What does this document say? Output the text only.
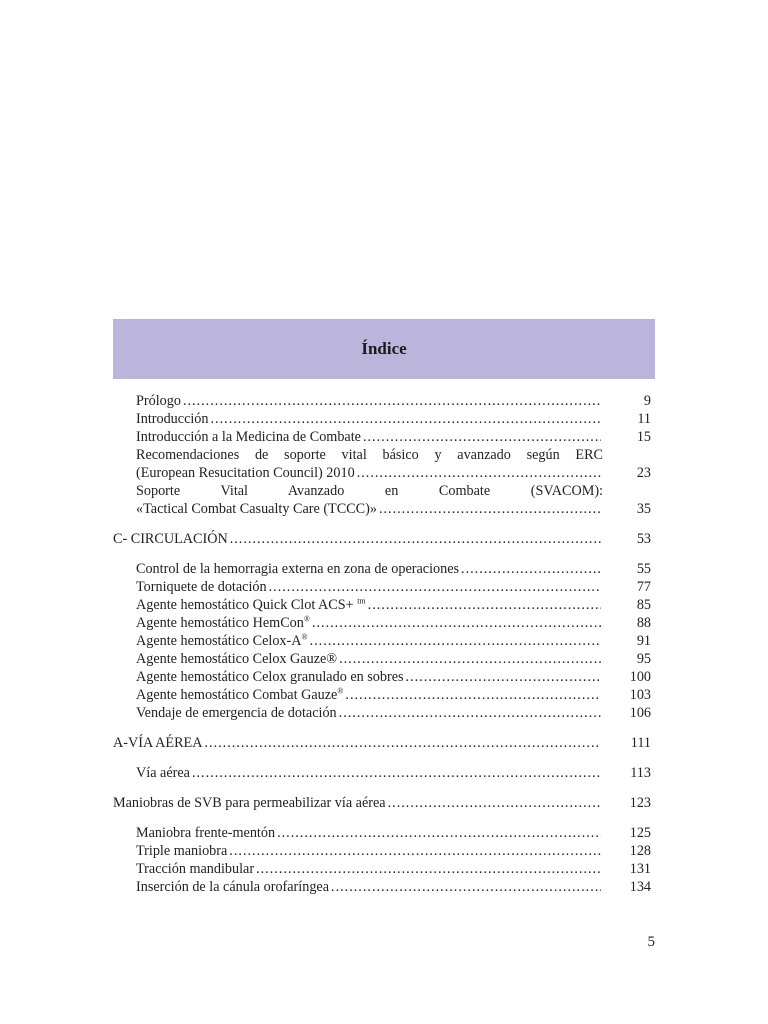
Índice
Prólogo .....	9
Introducción .....	11
Introducción a la Medicina de Combate .....	15
Recomendaciones de soporte vital básico y avanzado según ERC
(European Resucitation Council) 2010 .....	23
Soporte Vital Avanzado en Combate (SVACOM):
«Tactical Combat Casualty Care (TCCC)» .....	35
C- CIRCULACIÓN .....	53
Control de la hemorragia externa en zona de operaciones .....	55
Torniquete de dotación .....	77
Agente hemostático Quick Clot ACS+ $^{tm}$ .....	85
Agente hemostático HemCon® .....	88
Agente hemostático Celox-A® .....	91
Agente hemostático Celox Gauze® .....	95
Agente hemostático Celox granulado en sobres .....	100
Agente hemostático Combat Gauze® .....	103
Vendaje de emergencia de dotación .....	106
A-VÍA AÉREA .....	111
Vía aérea .....	113
Maniobras de SVB para permeabilizar vía aérea .....	123
Maniobra frente-mentón .....	125
Triple maniobra .....	128
Tracción mandibular .....	131
Inserción de la cánula orofaríngea .....	134
5
